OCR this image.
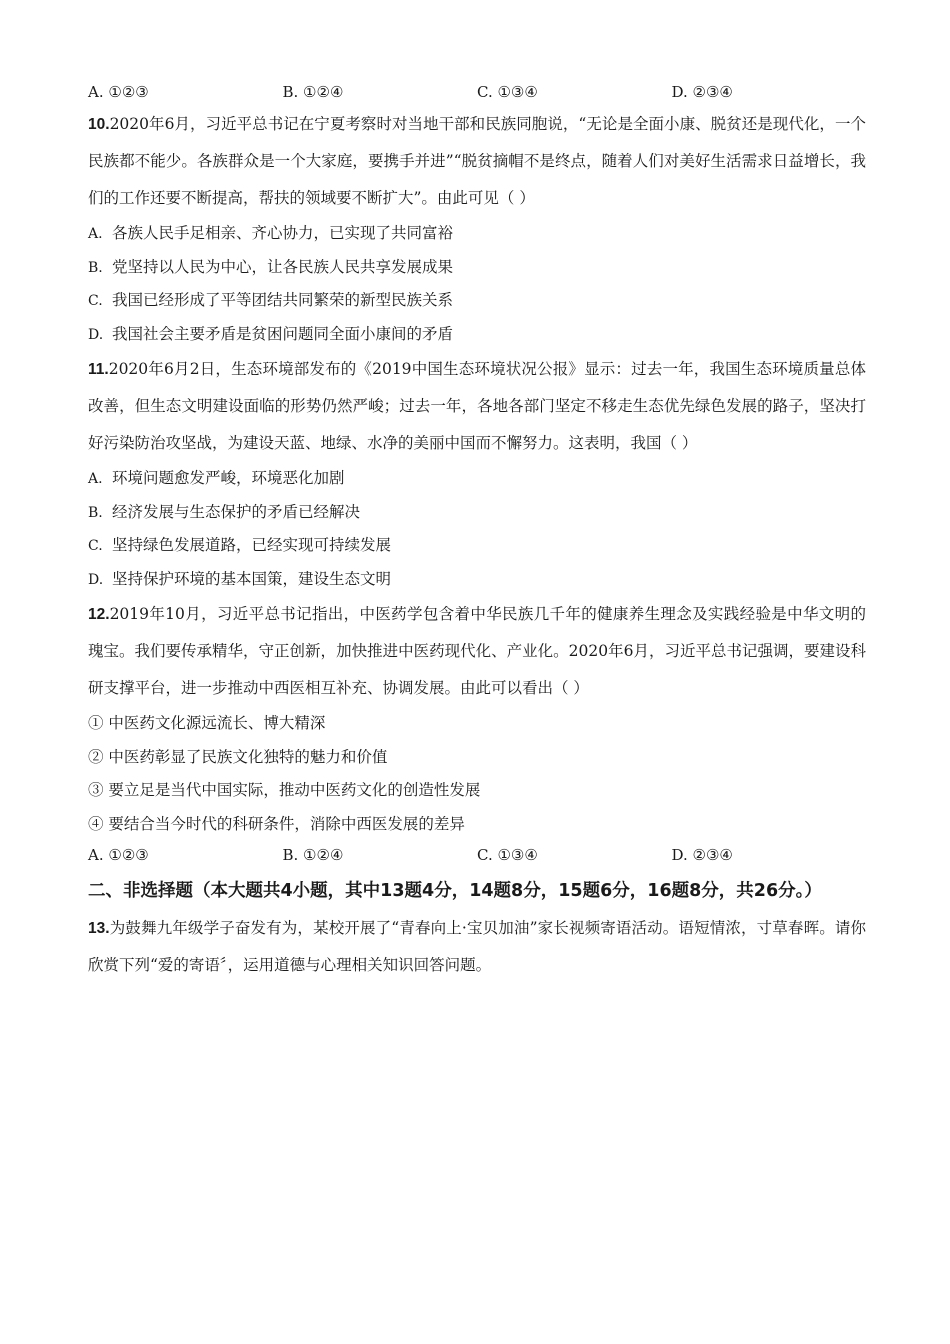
A. ①②③	B. ①②④	C. ①③④	D. ②③④

10.2020年6月，习近平总书记在宁夏考察时对当地干部和民族同胞说，“无论是全面小康、脱贫还是现代化，一个民族都不能少。各族群众是一个大家庭，要携手并进”“脱贫摘帽不是终点，随着人们对美好生活需求日益增长，我们的工作还要不断提高，帮扶的领域要不断扩大”。由此可见（ ）

A. 各族人民手足相亲、齐心协力，已实现了共同富裕
B. 党坚持以人民为中心，让各民族人民共享发展成果
C. 我国已经形成了平等团结共同繁荣的新型民族关系
D. 我国社会主要矛盾是贫困问题同全面小康间的矛盾

11.2020年6月2日，生态环境部发布的《2019中国生态环境状况公报》显示：过去一年，我国生态环境质量总体改善，但生态文明建设面临的形势仍然严峻；过去一年，各地各部门坚定不移走生态优先绿色发展的路子，坚决打好污染防治攻坚战，为建设天蓝、地绿、水净的美丽中国而不懈努力。这表明，我国（ ）

A. 环境问题愈发严峻，环境恶化加剧
B. 经济发展与生态保护的矛盾已经解决
C. 坚持绿色发展道路，已经实现可持续发展
D. 坚持保护环境的基本国策，建设生态文明

12.2019年10月，习近平总书记指出，中医药学包含着中华民族几千年的健康养生理念及实践经验是中华文明的瑰宝。我们要传承精华，守正创新，加快推进中医药现代化、产业化。2020年6月，习近平总书记强调，要建设科研支撑平台，进一步推动中西医相互补充、协调发展。由此可以看出（ ）

① 中医药文化源远流长、博大精深
② 中医药彰显了民族文化独特的魅力和价值
③ 要立足是当代中国实际，推动中医药文化的创造性发展
④ 要结合当今时代的科研条件，消除中西医发展的差异
A. ①②③	B. ①②④	C. ①③④	D. ②③④

二、非选择题（本大题共4小题，其中13题4分，14题8分，15题6分，16题8分，共26分。）

13.为鼓舞九年级学子奋发有为，某校开展了“青春向上·宝贝加油”家长视频寄语活动。语短情浓，寸草春晖。请你欣赏下列“爱的寄语〞，运用道德与心理相关知识回答问题。
